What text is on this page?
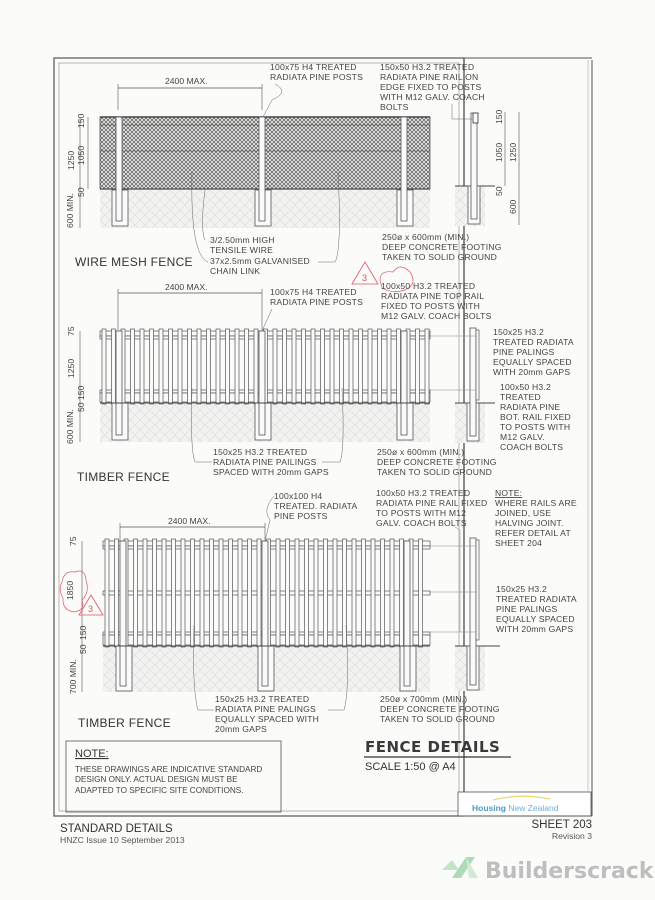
2400 MAX.
1250 1050
150
50
600 MIN.
150
1050 1250
50
600
100x75 H4 TREATED
RADIATA PINE POSTS
150x50 H3.2 TREATED
RADIATA PINE RAIL ON
EDGE FIXED TO POSTS
WITH M12 GALV. COACH
BOLTS
3/2.50mm HIGH
TENSILE WIRE
37x2.5mm GALVANISED
CHAIN LINK
250ø x 600mm (MIN.)
DEEP CONCRETE FOOTING
TAKEN TO SOLID GROUND
WIRE MESH FENCE
2400 MAX.
75
1250
150
50
600 MIN.
3
100x75 H4 TREATED
RADIATA PINE POSTS
100x50 H3.2 TREATED
RADIATA PINE TOP RAIL
FIXED TO POSTS WITH
M12 GALV. COACH BOLTS
150x25 H3.2
TREATED RADIATA
PINE PALINGS
EQUALLY SPACED
WITH 20mm GAPS
100x50 H3.2
TREATED
RADIATA PINE
BOT. RAIL FIXED
TO POSTS WITH
M12 GALV.
COACH BOLTS
150x25 H3.2 TREATED
RADIATA PINE PAILINGS
SPACED WITH 20mm GAPS
250ø x 600mm (MIN.)
DEEP CONCRETE FOOTING
TAKEN TO SOLID GROUND
TIMBER FENCE
2400 MAX.
75
1850
150
50
700 MIN.
3
100x100 H4
TREATED. RADIATA
PINE POSTS
100x50 H3.2 TREATED
RADIATA PINE RAIL FIXED
TO POSTS WITH M12
GALV. COACH BOLTS
NOTE:
WHERE RAILS ARE
JOINED, USE
HALVING JOINT.
REFER DETAIL AT
SHEET 204
150x25 H3.2
TREATED RADIATA
PINE PALINGS
EQUALLY SPACED
WITH 20mm GAPS
150x25 H3.2 TREATED
RADIATA PINE PALINGS
EQUALLY SPACED WITH
20mm GAPS
250ø x 700mm (MIN.)
DEEP CONCRETE FOOTING
TAKEN TO SOLID GROUND
TIMBER FENCE
NOTE:
THESE DRAWINGS ARE INDICATIVE STANDARD
DESIGN ONLY. ACTUAL DESIGN MUST BE
ADAPTED TO SPECIFIC SITE CONDITIONS.
FENCE DETAILS
SCALE 1:50 @ A4
Housing New Zealand
STANDARD DETAILS
HNZC Issue 10 September 2013
SHEET 203
Revision 3
Builderscrack
